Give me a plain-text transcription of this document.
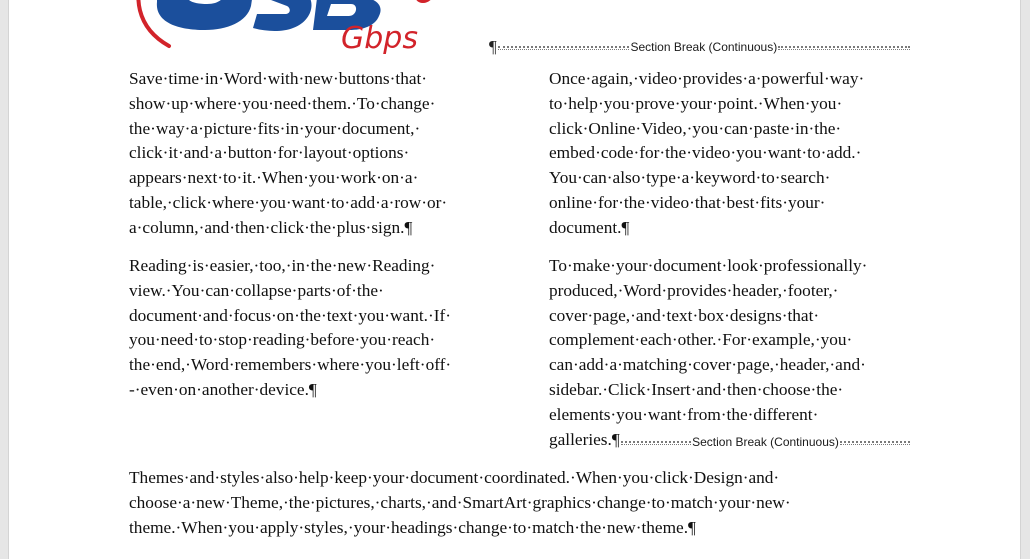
Gbps	¶	Section Break (Continuous)

Save·time·in·Word·with·new·buttons·that·
show·up·where·you·need·them.·To·change·
the·way·a·picture·fits·in·your·document,·
click·it·and·a·button·for·layout·options·
appears·next·to·it.·When·you·work·on·a·
table,·click·where·you·want·to·add·a·row·or·
a·column,·and·then·click·the·plus·sign.¶

Reading·is·easier,·too,·in·the·new·Reading·
view.·You·can·collapse·parts·of·the·
document·and·focus·on·the·text·you·want.·If·
you·need·to·stop·reading·before·you·reach·
the·end,·Word·remembers·where·you·left·off·
-·even·on·another·device.¶

Once·again,·video·provides·a·powerful·way·
to·help·you·prove·your·point.·When·you·
click·Online·Video,·you·can·paste·in·the·
embed·code·for·the·video·you·want·to·add.·
You·can·also·type·a·keyword·to·search·
online·for·the·video·that·best·fits·your·
document.¶

To·make·your·document·look·professionally·
produced,·Word·provides·header,·footer,·
cover·page,·and·text·box·designs·that·
complement·each·other.·For·example,·you·
can·add·a·matching·cover·page,·header,·and·
sidebar.·Click·Insert·and·then·choose·the·
elements·you·want·from·the·different·
galleries.¶	Section Break (Continuous)

Themes·and·styles·also·help·keep·your·document·coordinated.·When·you·click·Design·and·
choose·a·new·Theme,·the·pictures,·charts,·and·SmartArt·graphics·change·to·match·your·new·
theme.·When·you·apply·styles,·your·headings·change·to·match·the·new·theme.¶
